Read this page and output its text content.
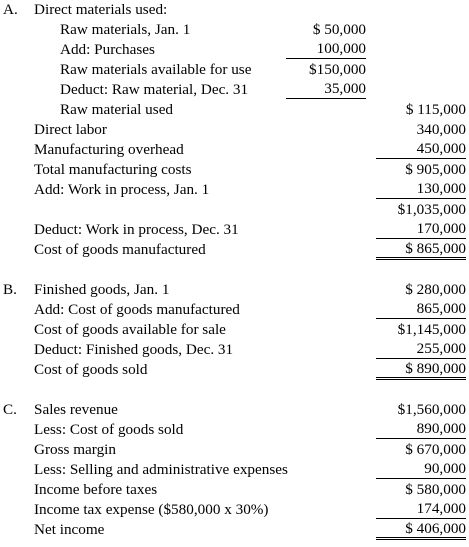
A. Direct materials used:
Raw materials, Jan. 1	$ 50,000
Add: Purchases	100,000
Raw materials available for use	$150,000
Deduct: Raw material, Dec. 31	35,000
Raw material used	$ 115,000
Direct labor	340,000
Manufacturing overhead	450,000
Total manufacturing costs	$ 905,000
Add: Work in process, Jan. 1	130,000
$1,035,000
Deduct: Work in process, Dec. 31	170,000
Cost of goods manufactured	$ 865,000
B. Finished goods, Jan. 1	$ 280,000
Add: Cost of goods manufactured	865,000
Cost of goods available for sale	$1,145,000
Deduct: Finished goods, Dec. 31	255,000
Cost of goods sold	$ 890,000
C. Sales revenue	$1,560,000
Less: Cost of goods sold	890,000
Gross margin	$ 670,000
Less: Selling and administrative expenses	90,000
Income before taxes	$ 580,000
Income tax expense ($580,000 x 30%)	174,000
Net income	$ 406,000
